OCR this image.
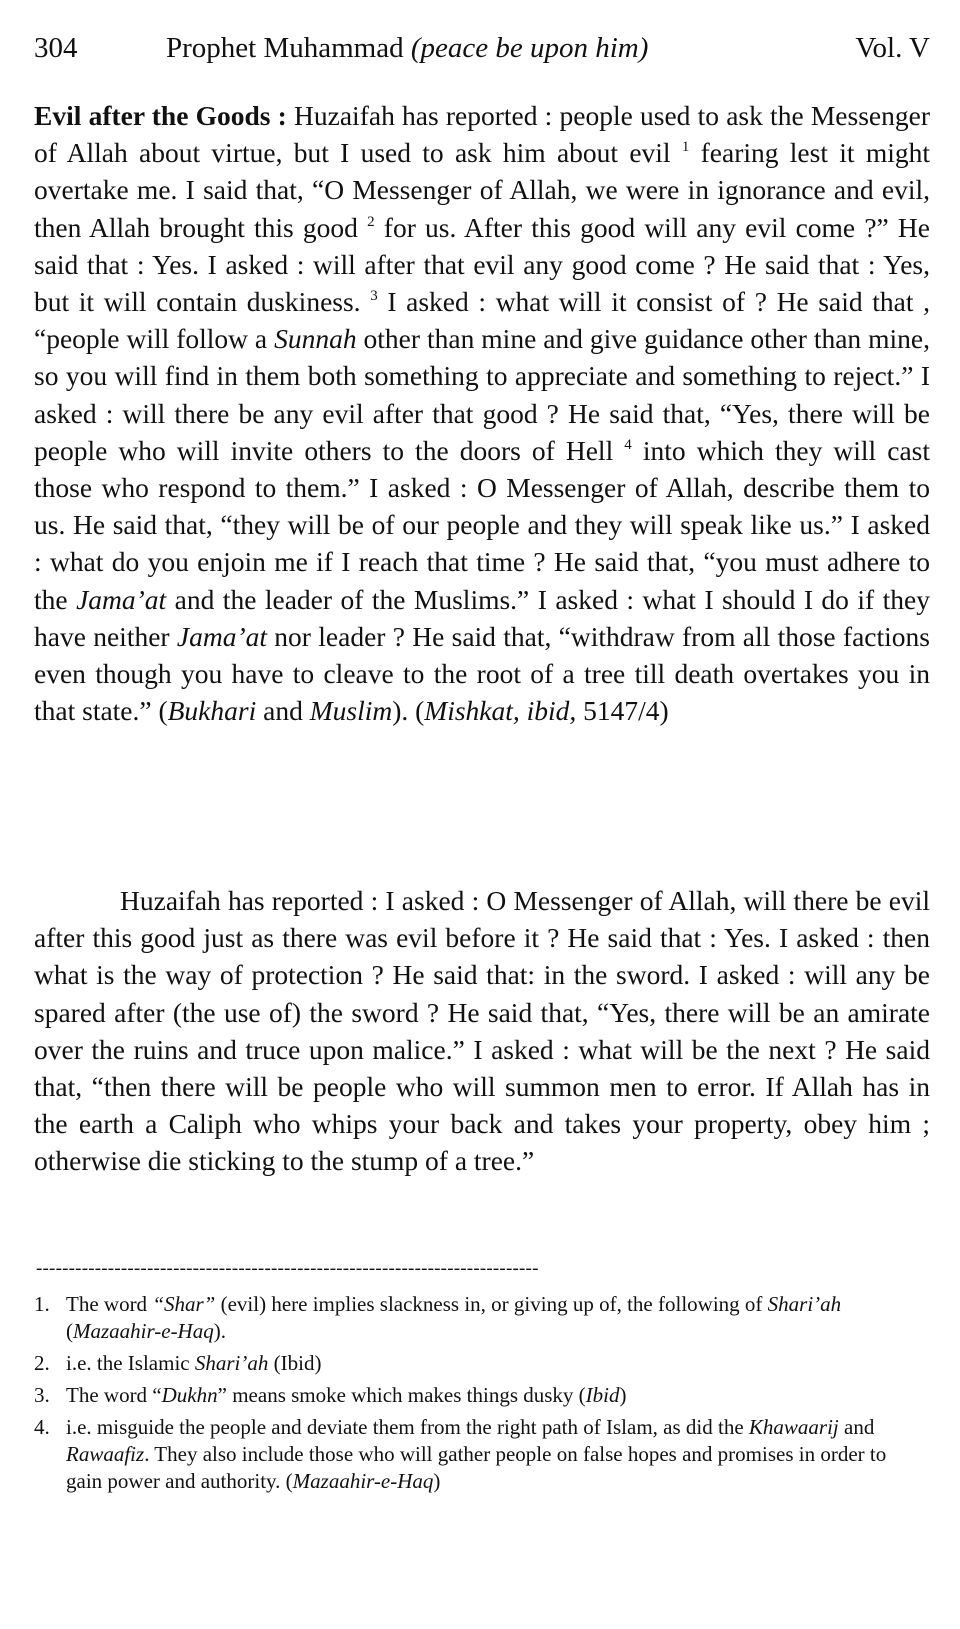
304	Prophet Muhammad (peace be upon him)	Vol. V

Evil after the Goods : Huzaifah has reported : people used to ask the Messenger of Allah about virtue, but I used to ask him about evil $^1$ fearing lest it might overtake me. I said that, “O Messenger of Allah, we were in ignorance and evil, then Allah brought this good $^2$ for us. After this good will any evil come ?” He said that : Yes. I asked : will after that evil any good come ? He said that : Yes, but it will contain duskiness. $^3$ I asked : what will it consist of ? He said that , “people will follow a Sunnah other than mine and give guidance other than mine, so you will find in them both something to appreciate and something to reject.” I asked : will there be any evil after that good ? He said that, “Yes, there will be people who will invite others to the doors of Hell $^4$ into which they will cast those who respond to them.” I asked : O Messenger of Allah, describe them to us. He said that, “they will be of our people and they will speak like us.” I asked : what do you enjoin me if I reach that time ? He said that, “you must adhere to the Jama’at and the leader of the Muslims.” I asked : what I should I do if they have neither Jama’at nor leader ? He said that, “withdraw from all those factions even though you have to cleave to the root of a tree till death overtakes you in that state.” (Bukhari and Muslim). (Mishkat, ibid, 5147/4)

Huzaifah has reported : I asked : O Messenger of Allah, will there be evil after this good just as there was evil before it ? He said that : Yes. I asked : then what is the way of protection ? He said that: in the sword. I asked : will any be spared after (the use of) the sword ? He said that, “Yes, there will be an amirate over the ruins and truce upon malice.” I asked : what will be the next ? He said that, “then there will be people who will summon men to error. If Allah has in the earth a Caliph who whips your back and takes your property, obey him ; otherwise die sticking to the stump of a tree.”

-----------------------------------------------------------------------------
1. The word “Shar” (evil) here implies slackness in, or giving up of, the following of Shari’ah (Mazaahir-e-Haq).
2. i.e. the Islamic Shari’ah (Ibid)
3. The word “Dukhn” means smoke which makes things dusky (Ibid)
4. i.e. misguide the people and deviate them from the right path of Islam, as did the Khawaarij and Rawaafiz. They also include those who will gather people on false hopes and promises in order to gain power and authority. (Mazaahir-e-Haq)
